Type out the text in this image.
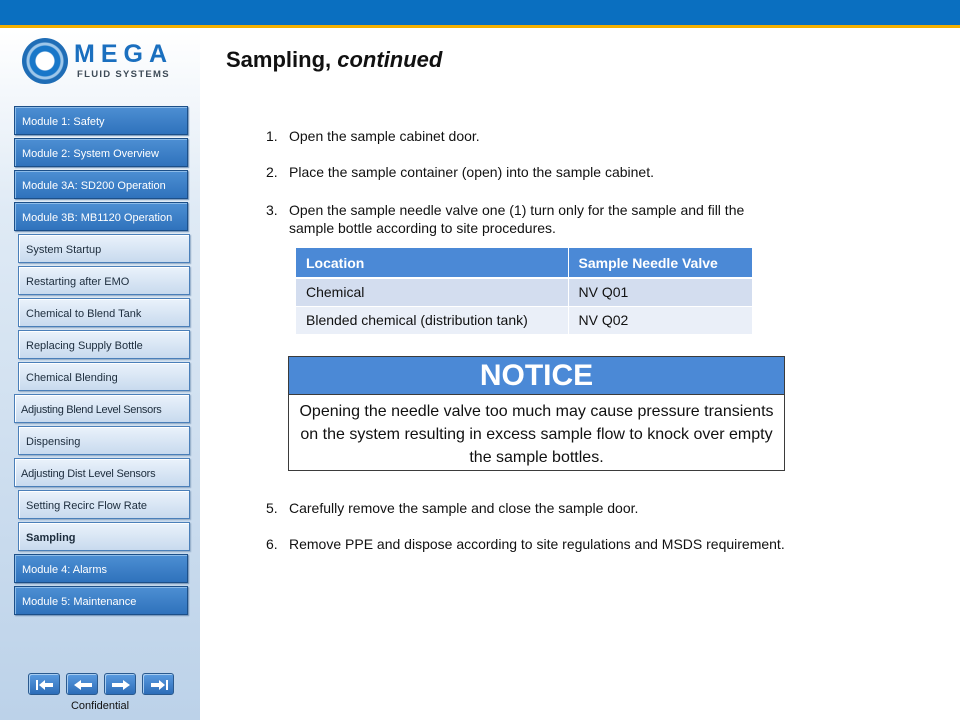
MEGA
FLUID SYSTEMS
Module 1: Safety
Module 2: System Overview
Module 3A: SD200 Operation
Module 3B: MB1120 Operation
System Startup
Restarting after EMO
Chemical to Blend Tank
Replacing Supply Bottle
Chemical Blending
Adjusting Blend Level Sensors
Dispensing
Adjusting Dist Level Sensors
Setting Recirc Flow Rate
Sampling
Module 4: Alarms
Module 5: Maintenance
Sampling, continued
1. Open the sample cabinet door.
2. Place the sample container (open) into the sample cabinet.
3. Open the sample needle valve one (1) turn only for the sample and fill the sample bottle according to site procedures.
Location	Sample Needle Valve
Chemical	NV Q01
Blended chemical (distribution tank)	NV Q02
NOTICE
Opening the needle valve too much may cause pressure transients on the system resulting in excess sample flow to knock over empty the sample bottles.
5. Carefully remove the sample and close the sample door.
6. Remove PPE and dispose according to site regulations and MSDS requirement.
Confidential
